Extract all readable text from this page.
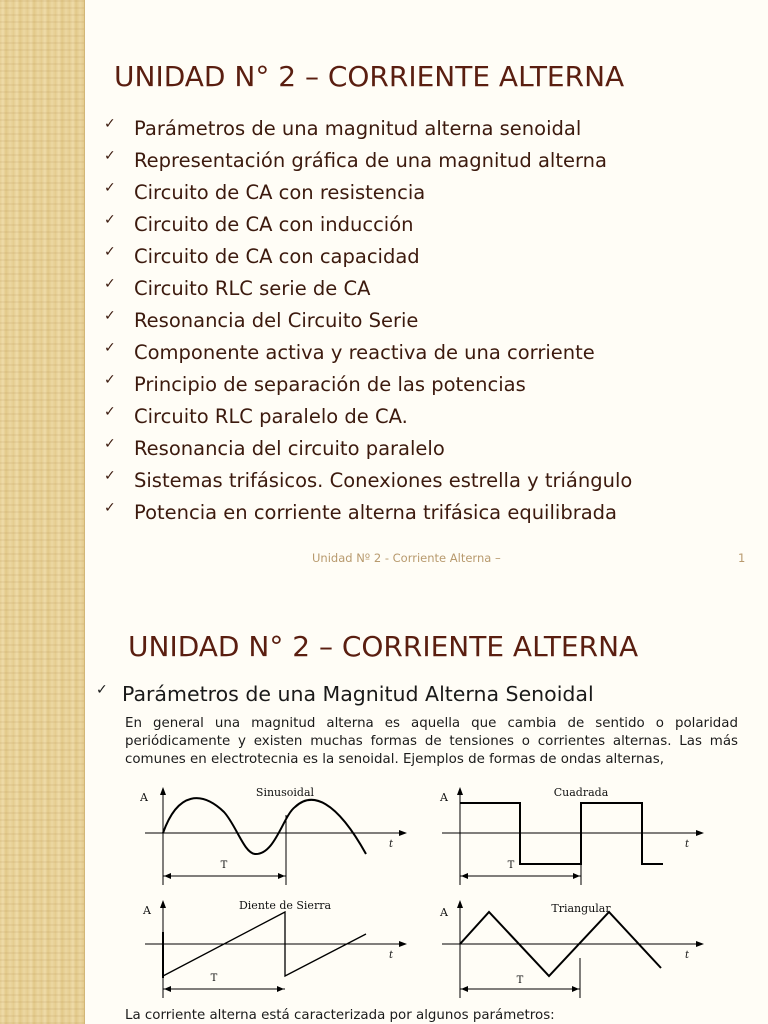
UNIDAD N° 2 – CORRIENTE ALTERNA
✓ Parámetros de una magnitud alterna senoidal
✓ Representación gráfica de una magnitud alterna
✓ Circuito de CA con resistencia
✓ Circuito de CA con inducción
✓ Circuito de CA con capacidad
✓ Circuito RLC serie de CA
✓ Resonancia del Circuito Serie
✓ Componente activa y reactiva de una corriente
✓ Principio de separación de las potencias
✓ Circuito RLC paralelo de CA.
✓ Resonancia del circuito paralelo
✓ Sistemas trifásicos. Conexiones estrella y triángulo
✓ Potencia en corriente alterna trifásica equilibrada
Unidad Nº 2 - Corriente Alterna –	1
UNIDAD N° 2 – CORRIENTE ALTERNA
✓ Parámetros de una Magnitud Alterna Senoidal

En general una magnitud alterna es aquella que cambia de sentido o polaridad periódicamente y existen muchas formas de tensiones o corrientes alternas. Las más comunes en electrotecnia es la senoidal. Ejemplos de formas de ondas alternas,

A	Sinusoidal
t
T
A	Cuadrada
t
T
A	Diente de Sierra
t
T
A	Triangular
t
T
La corriente alterna está caracterizada por algunos parámetros:
